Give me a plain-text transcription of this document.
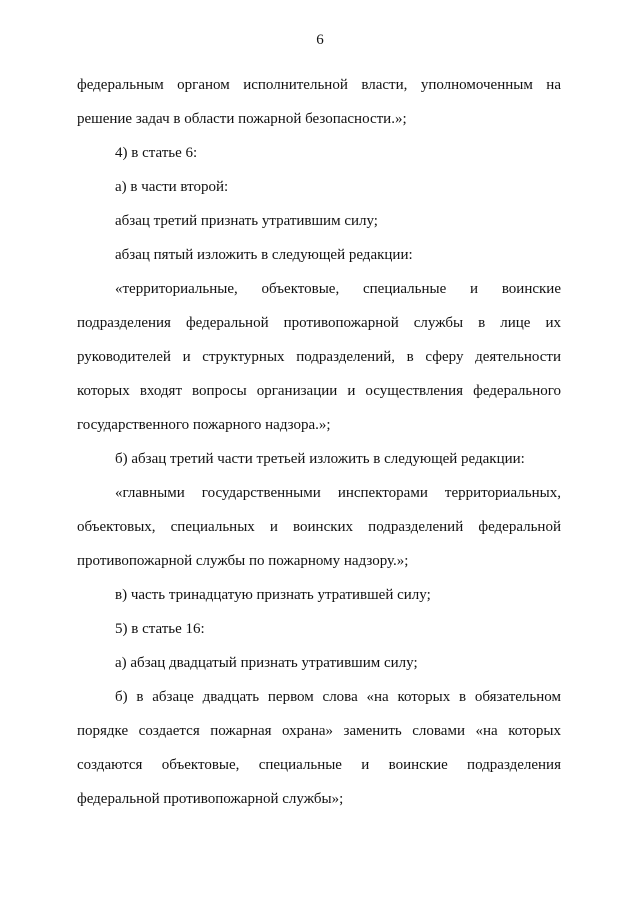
6

федеральным органом исполнительной власти, уполномоченным на решение задач в области пожарной безопасности.»;

4) в статье 6:

а) в части второй:

абзац третий признать утратившим силу;

абзац пятый изложить в следующей редакции:

«территориальные, объектовые, специальные и воинские подразделения федеральной противопожарной службы в лице их руководителей и структурных подразделений, в сферу деятельности которых входят вопросы организации и осуществления федерального государственного пожарного надзора.»;

б) абзац третий части третьей изложить в следующей редакции:

«главными государственными инспекторами территориальных, объектовых, специальных и воинских подразделений федеральной противопожарной службы по пожарному надзору.»;

в) часть тринадцатую признать утратившей силу;

5) в статье 16:

а) абзац двадцатый признать утратившим силу;

б) в абзаце двадцать первом слова «на которых в обязательном порядке создается пожарная охрана» заменить словами «на которых создаются объектовые, специальные и воинские подразделения федеральной противопожарной службы»;
